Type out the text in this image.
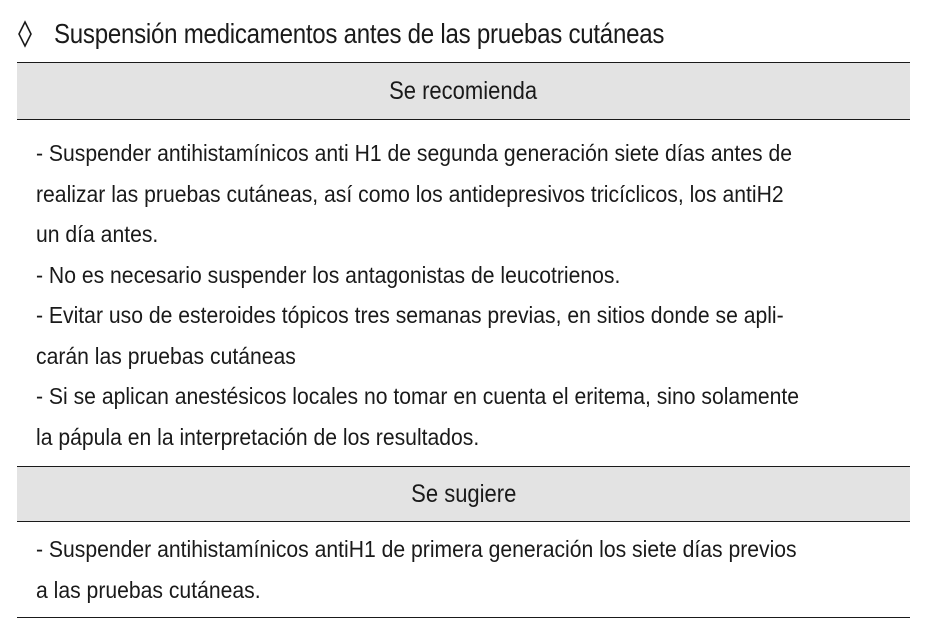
Suspensión medicamentos antes de las pruebas cutáneas
Se recomienda
- Suspender antihistamínicos anti H1 de segunda generación siete días antes de
realizar las pruebas cutáneas, así como los antidepresivos tricíclicos, los antiH2
un día antes.
- No es necesario suspender los antagonistas de leucotrienos.
- Evitar uso de esteroides tópicos tres semanas previas, en sitios donde se apli-
carán las pruebas cutáneas
- Si se aplican anestésicos locales no tomar en cuenta el eritema, sino solamente
la pápula en la interpretación de los resultados.
Se sugiere
- Suspender antihistamínicos antiH1 de primera generación los siete días previos
a las pruebas cutáneas.
